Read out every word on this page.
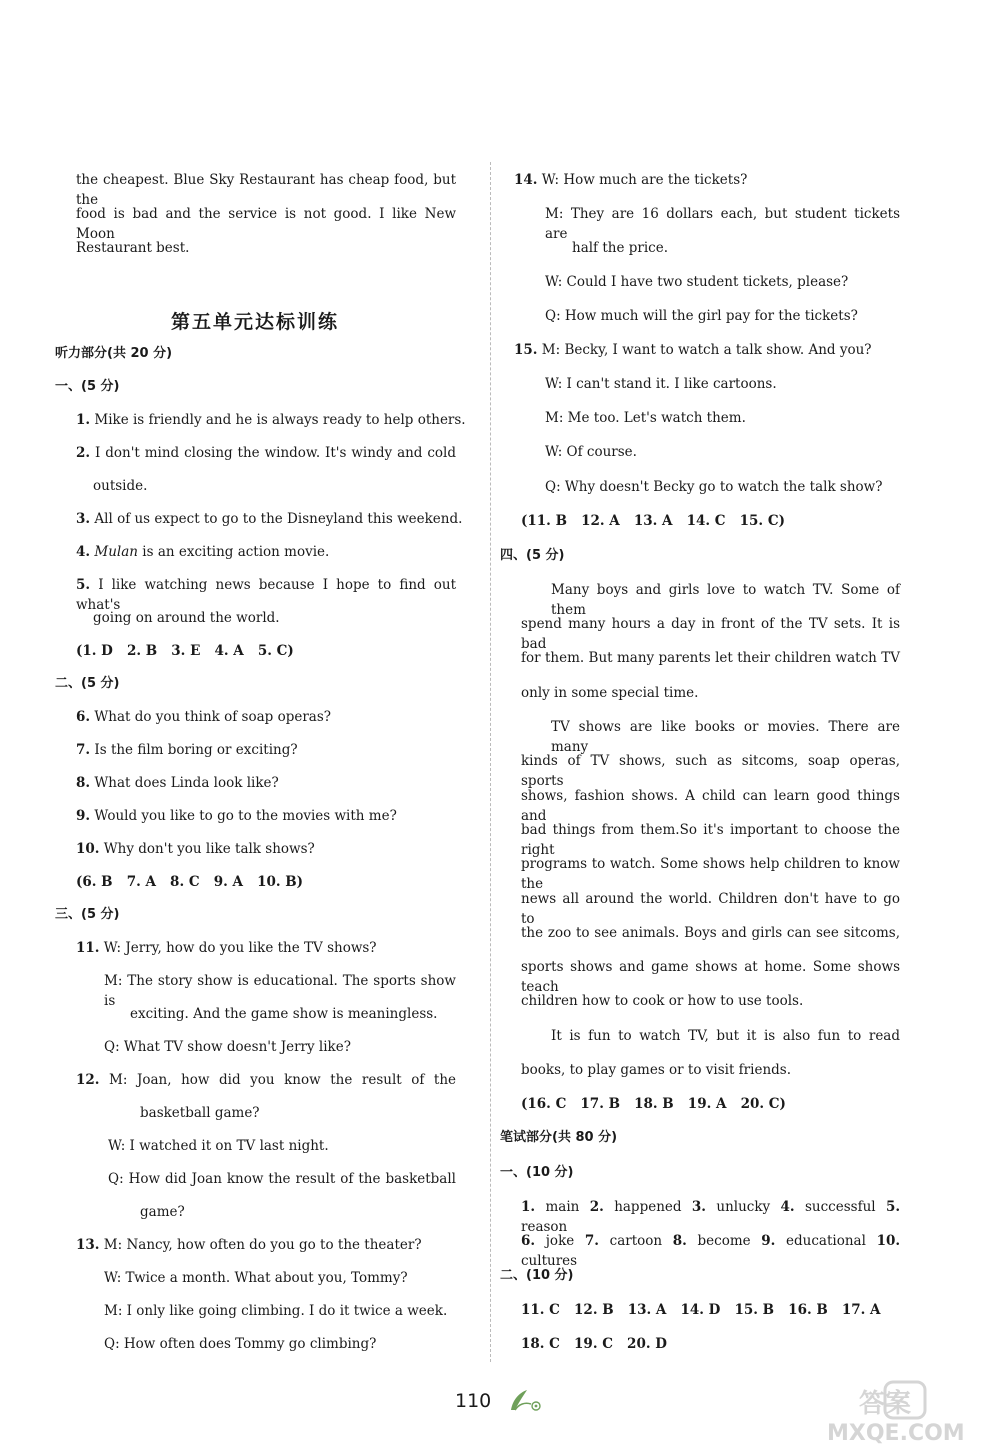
the cheapest. Blue Sky Restaurant has cheap food, but the
food is bad and the service is not good. I like New Moon
Restaurant best.
第五单元达标训练
听力部分(共 20 分)
一、(5 分)
1. Mike is friendly and he is always ready to help others.
2. I don't mind closing the window. It's windy and cold
outside.
3. All of us expect to go to the Disneyland this weekend.
4. Mulan is an exciting action movie.
5. I like watching news because I hope to find out what's
going on around the world.
(1. D   2. B   3. E   4. A   5. C)
二、(5 分)
6. What do you think of soap operas?
7. Is the film boring or exciting?
8. What does Linda look like?
9. Would you like to go to the movies with me?
10. Why don't you like talk shows?
(6. B   7. A   8. C   9. A   10. B)
三、(5 分)
11. W: Jerry, how do you like the TV shows?
M: The story show is educational. The sports show is
exciting. And the game show is meaningless.
Q: What TV show doesn't Jerry like?
12. M: Joan, how did you know the result of the
basketball game?
W: I watched it on TV last night.
Q: How did Joan know the result of the basketball
game?
13. M: Nancy, how often do you go to the theater?
W: Twice a month. What about you, Tommy?
M: I only like going climbing. I do it twice a week.
Q: How often does Tommy go climbing?
14. W: How much are the tickets?
M: They are 16 dollars each, but student tickets are
half the price.
W: Could I have two student tickets, please?
Q: How much will the girl pay for the tickets?
15. M: Becky, I want to watch a talk show. And you?
W: I can't stand it. I like cartoons.
M: Me too. Let's watch them.
W: Of course.
Q: Why doesn't Becky go to watch the talk show?
(11. B   12. A   13. A   14. C   15. C)
四、(5 分)
Many boys and girls love to watch TV. Some of them
spend many hours a day in front of the TV sets. It is bad
for them. But many parents let their children watch TV
only in some special time.
TV shows are like books or movies. There are many
kinds of TV shows, such as sitcoms, soap operas, sports
shows, fashion shows. A child can learn good things and
bad things from them.So it's important to choose the right
programs to watch. Some shows help children to know the
news all around the world. Children don't have to go to
the zoo to see animals. Boys and girls can see sitcoms,
sports shows and game shows at home. Some shows teach
children how to cook or how to use tools.
It is fun to watch TV, but it is also fun to read
books, to play games or to visit friends.
(16. C   17. B   18. B   19. A   20. C)
笔试部分(共 80 分)
一、(10 分)
1. main 2. happened 3. unlucky 4. successful 5. reason
6. joke 7. cartoon 8. become 9. educational 10. cultures
二、(10 分)
11. C   12. B   13. A   14. D   15. B   16. B   17. A
18. C   19. C   20. D
110	答案
MXQE.COM
